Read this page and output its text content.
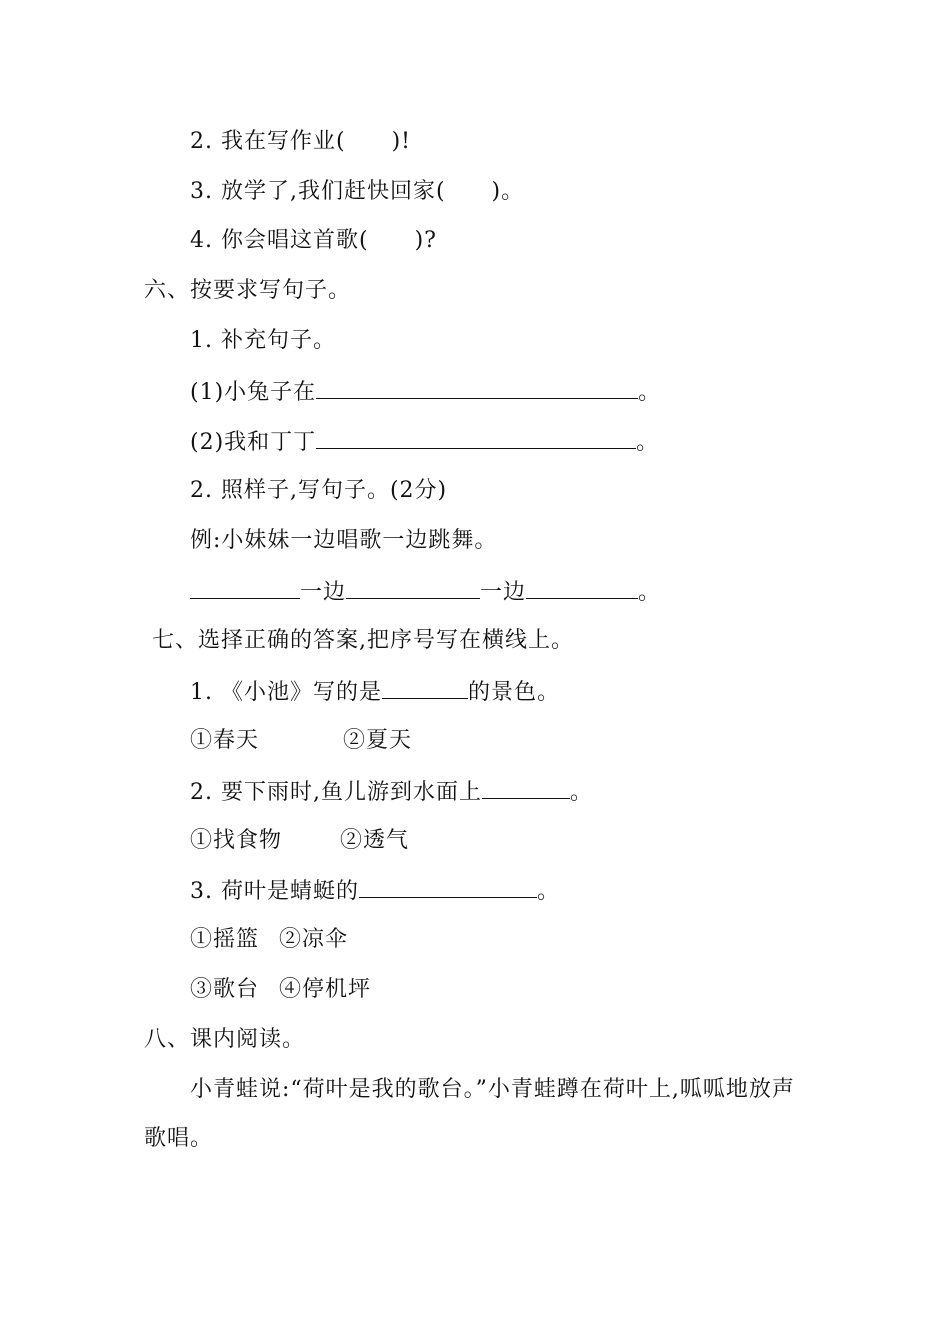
2. 我在写作业(　　)!
3. 放学了,我们赶快回家(　　)。
4. 你会唱这首歌(　　)?
六、按要求写句子。
1. 补充句子。
(1)小兔子在	。
(2)我和丁丁	。
2. 照样子,写句子。(2分)
例:小妹妹一边唱歌一边跳舞。
一边	一边	。
七、选择正确的答案,把序号写在横线上。
1. 《小池》写的是	的景色。
①春天	②夏天
2. 要下雨时,鱼儿游到水面上	。
①找食物	②透气
3. 荷叶是蜻蜓的	。
①摇篮 ②凉伞
③歌台 ④停机坪
八、课内阅读。
小青蛙说:“荷叶是我的歌台。”小青蛙蹲在荷叶上,呱呱地放声
歌唱。
